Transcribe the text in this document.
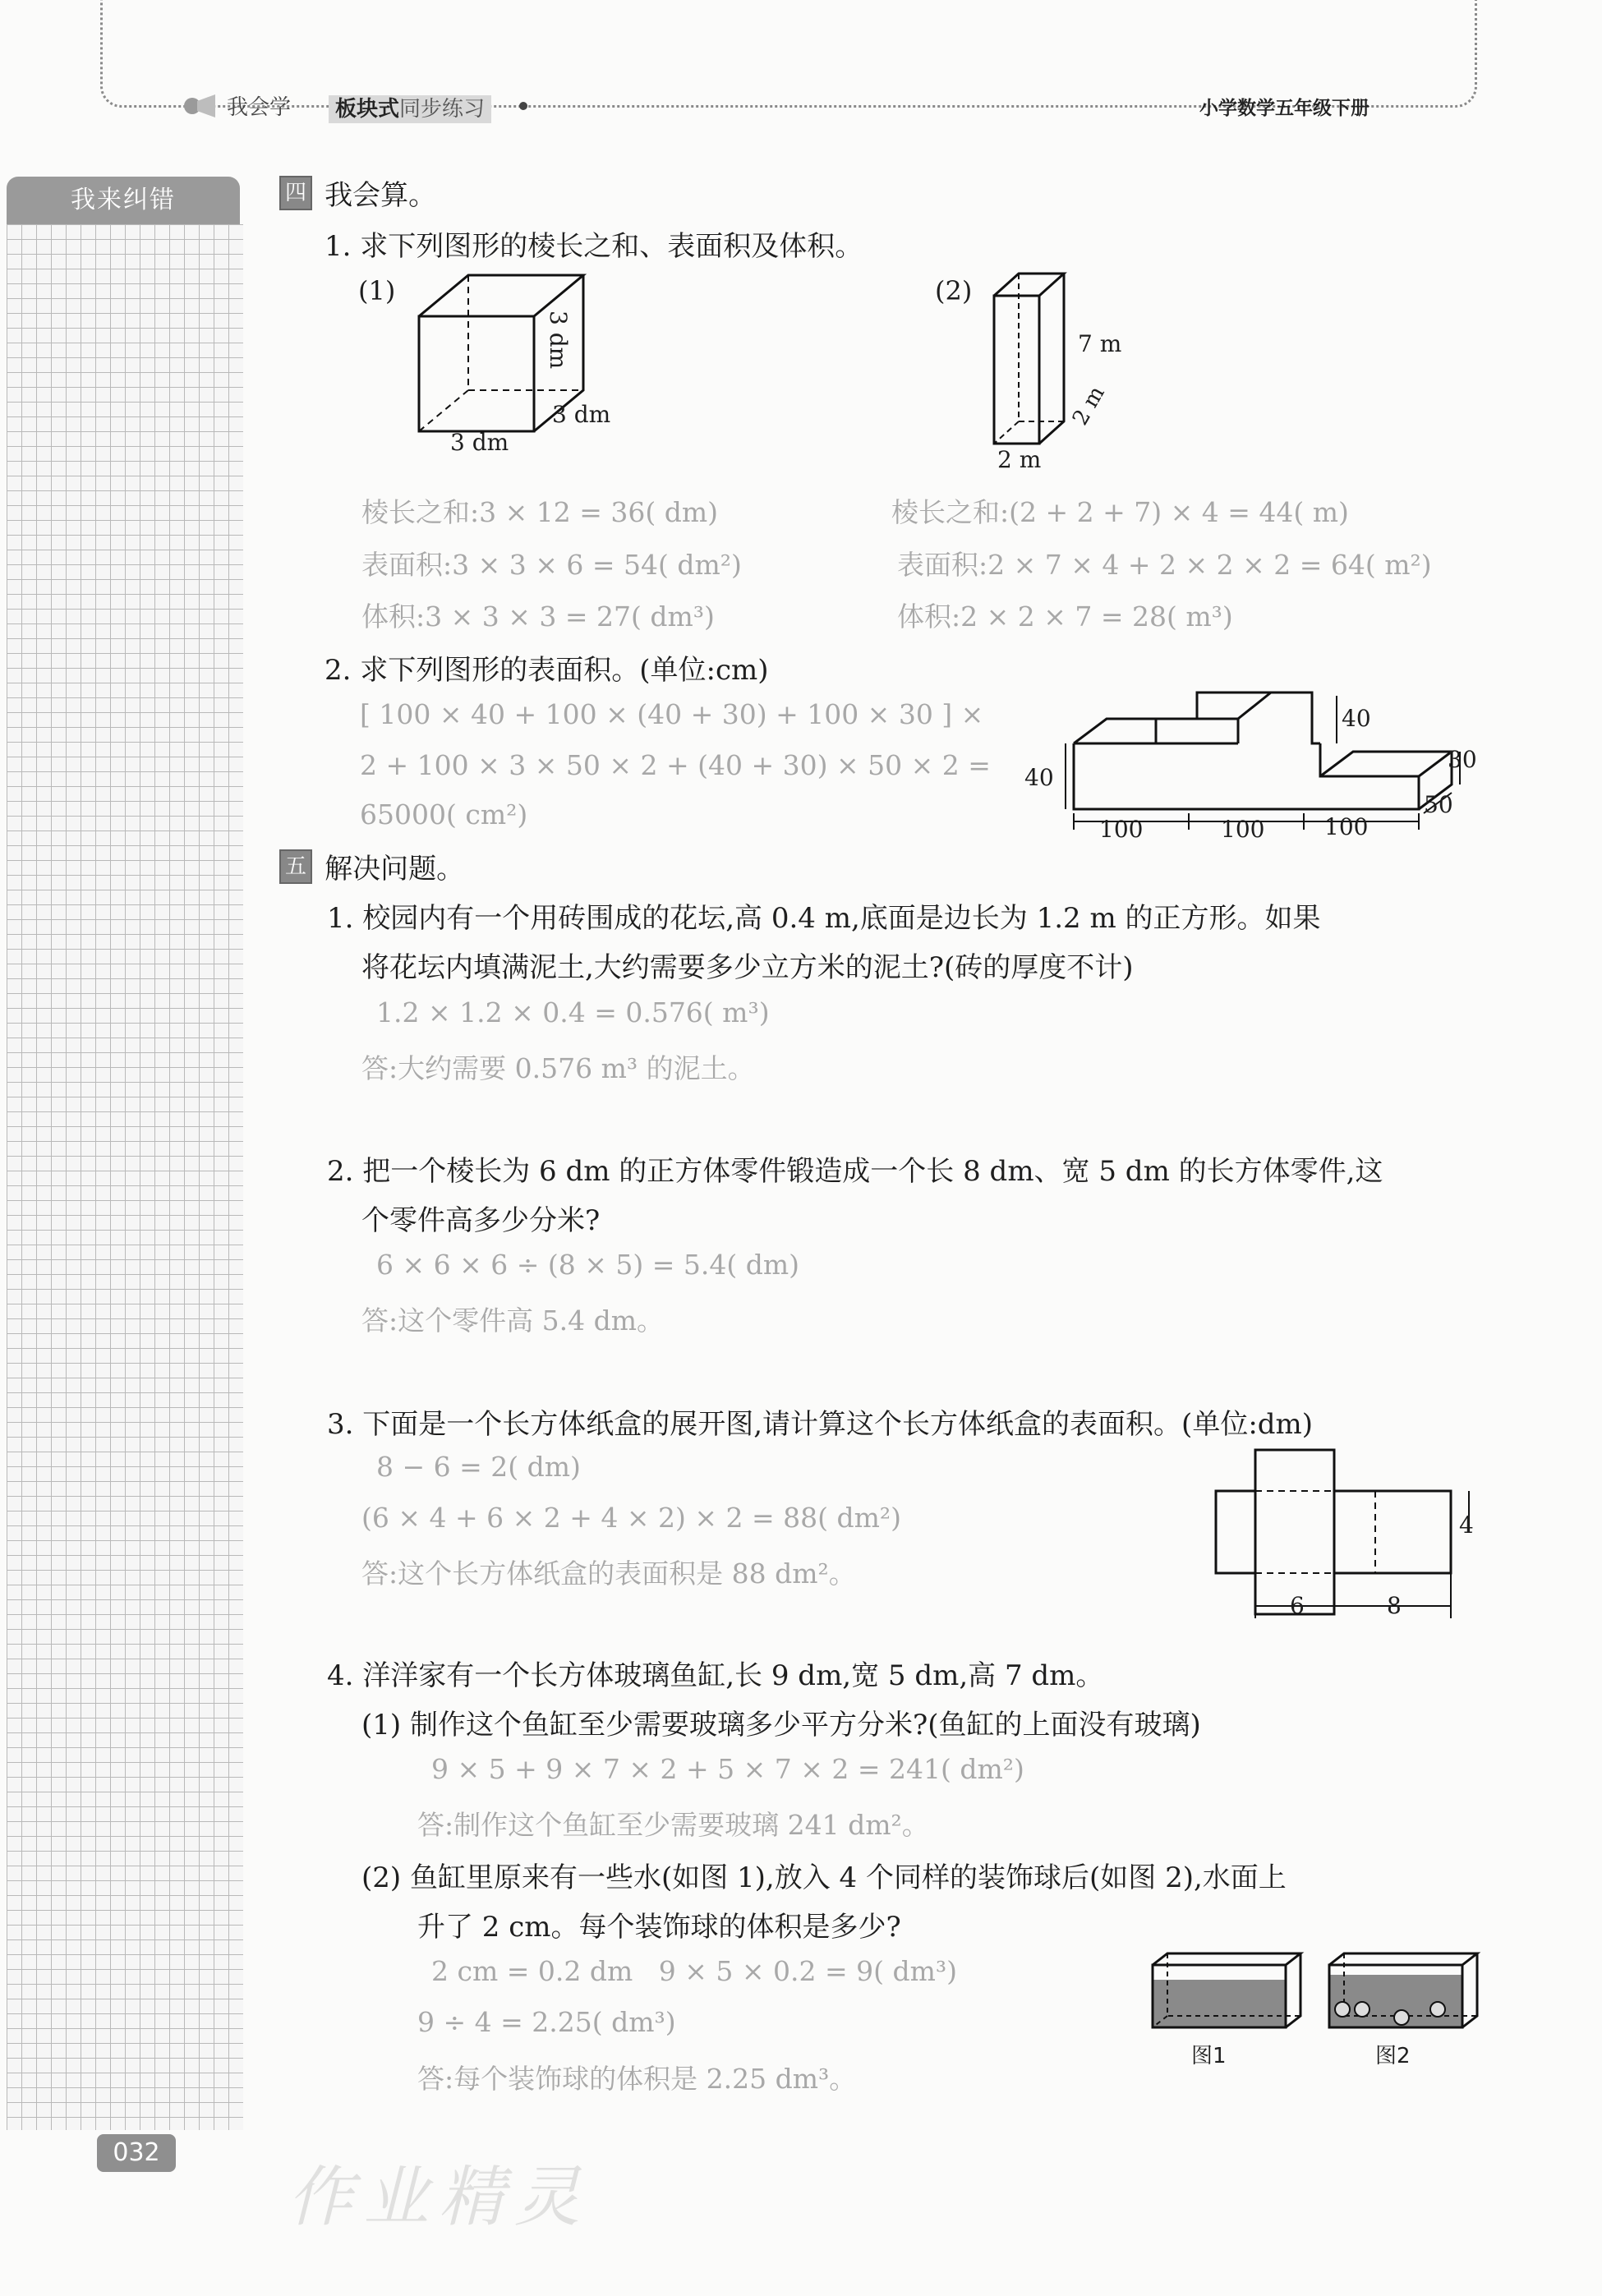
我会学	板块式同步练习	小学数学五年级下册
我来纠错	四 我会算。
1. 求下列图形的棱长之和、表面积及体积。
(1)
3 dm
3 dm
3 dm
(2)
7 m
2 m
2 m
棱长之和:3 × 12 = 36( dm)
表面积:3 × 3 × 6 = 54( dm²)
体积:3 × 3 × 3 = 27( dm³)
棱长之和:(2 + 2 + 7) × 4 = 44( m)
表面积:2 × 7 × 4 + 2 × 2 × 2 = 64( m²)
体积:2 × 2 × 7 = 28( m³)
2. 求下列图形的表面积。(单位:cm)
[ 100 × 40 + 100 × (40 + 30) + 100 × 30 ] ×
2 + 100 × 3 × 50 × 2 + (40 + 30) × 50 × 2 =
65000( cm²)
40
40
30
50
100	100	100
五 解决问题。
1. 校园内有一个用砖围成的花坛,高 0.4 m,底面是边长为 1.2 m 的正方形。如果
将花坛内填满泥土,大约需要多少立方米的泥土?(砖的厚度不计)
1.2 × 1.2 × 0.4 = 0.576( m³)
答:大约需要 0.576 m³ 的泥土。
2. 把一个棱长为 6 dm 的正方体零件锻造成一个长 8 dm、宽 5 dm 的长方体零件,这
个零件高多少分米?
6 × 6 × 6 ÷ (8 × 5) = 5.4( dm)
答:这个零件高 5.4 dm。
3. 下面是一个长方体纸盒的展开图,请计算这个长方体纸盒的表面积。(单位:dm)
8 − 6 = 2( dm)
(6 × 4 + 6 × 2 + 4 × 2) × 2 = 88( dm²)
答:这个长方体纸盒的表面积是 88 dm²。
4
6	8
4. 洋洋家有一个长方体玻璃鱼缸,长 9 dm,宽 5 dm,高 7 dm。
(1) 制作这个鱼缸至少需要玻璃多少平方分米?(鱼缸的上面没有玻璃)
9 × 5 + 9 × 7 × 2 + 5 × 7 × 2 = 241( dm²)
答:制作这个鱼缸至少需要玻璃 241 dm²。
(2) 鱼缸里原来有一些水(如图 1),放入 4 个同样的装饰球后(如图 2),水面上
升了 2 cm。每个装饰球的体积是多少?
2 cm = 0.2 dm   9 × 5 × 0.2 = 9( dm³)
9 ÷ 4 = 2.25( dm³)
答:每个装饰球的体积是 2.25 dm³。
图1	图2
032
作业精灵
